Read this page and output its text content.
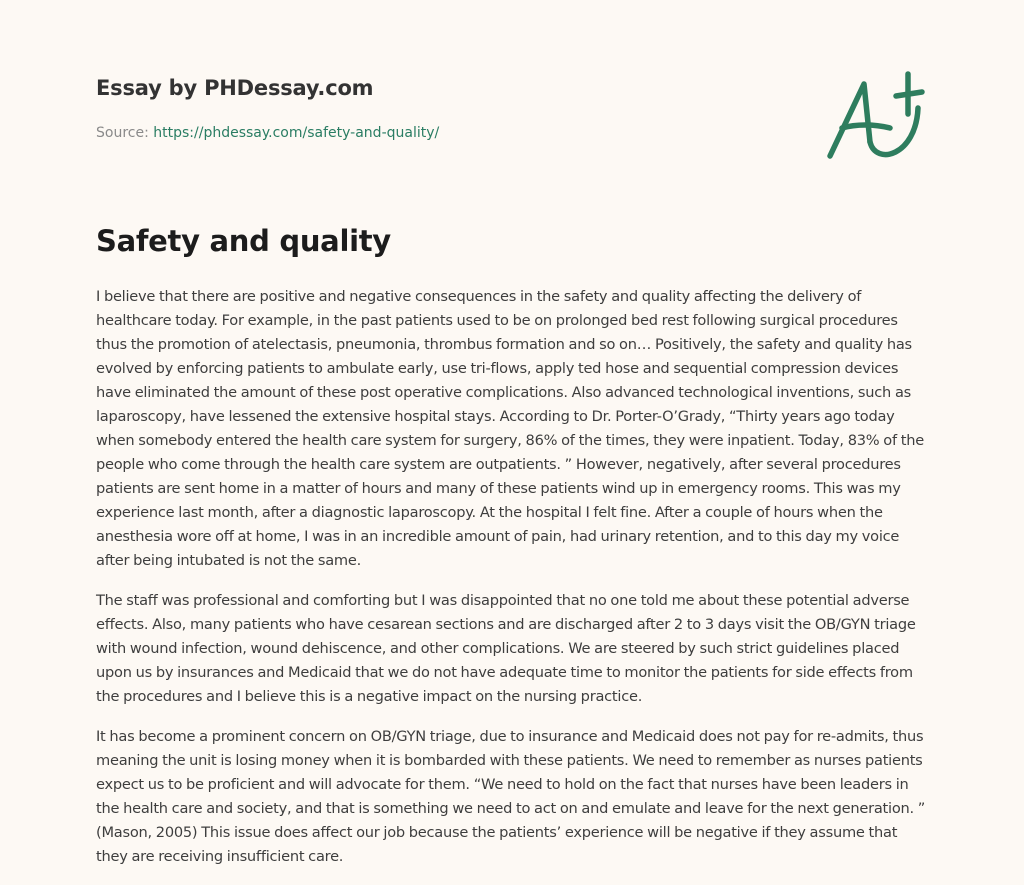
Essay by PHDessay.com
Source: https://phdessay.com/safety-and-quality/
Safety and quality

I believe that there are positive and negative consequences in the safety and quality affecting the delivery of healthcare today. For example, in the past patients used to be on prolonged bed rest following surgical procedures thus the promotion of atelectasis, pneumonia, thrombus formation and so on… Positively, the safety and quality has evolved by enforcing patients to ambulate early, use tri-flows, apply ted hose and sequential compression devices have eliminated the amount of these post operative complications. Also advanced technological inventions, such as laparoscopy, have lessened the extensive hospital stays. According to Dr. Porter-O’Grady, “Thirty years ago today when somebody entered the health care system for surgery, 86% of the times, they were inpatient. Today, 83% of the people who come through the health care system are outpatients. ” However, negatively, after several procedures patients are sent home in a matter of hours and many of these patients wind up in emergency rooms. This was my experience last month, after a diagnostic laparoscopy. At the hospital I felt fine. After a couple of hours when the anesthesia wore off at home, I was in an incredible amount of pain, had urinary retention, and to this day my voice after being intubated is not the same.

The staff was professional and comforting but I was disappointed that no one told me about these potential adverse effects. Also, many patients who have cesarean sections and are discharged after 2 to 3 days visit the OB/GYN triage with wound infection, wound dehiscence, and other complications. We are steered by such strict guidelines placed upon us by insurances and Medicaid that we do not have adequate time to monitor the patients for side effects from the procedures and I believe this is a negative impact on the nursing practice.

It has become a prominent concern on OB/GYN triage, due to insurance and Medicaid does not pay for re-admits, thus meaning the unit is losing money when it is bombarded with these patients. We need to remember as nurses patients expect us to be proficient and will advocate for them. “We need to hold on the fact that nurses have been leaders in the health care and society, and that is something we need to act on and emulate and leave for the next generation. ” (Mason, 2005) This issue does affect our job because the patients’ experience will be negative if they assume that they are receiving insufficient care.
